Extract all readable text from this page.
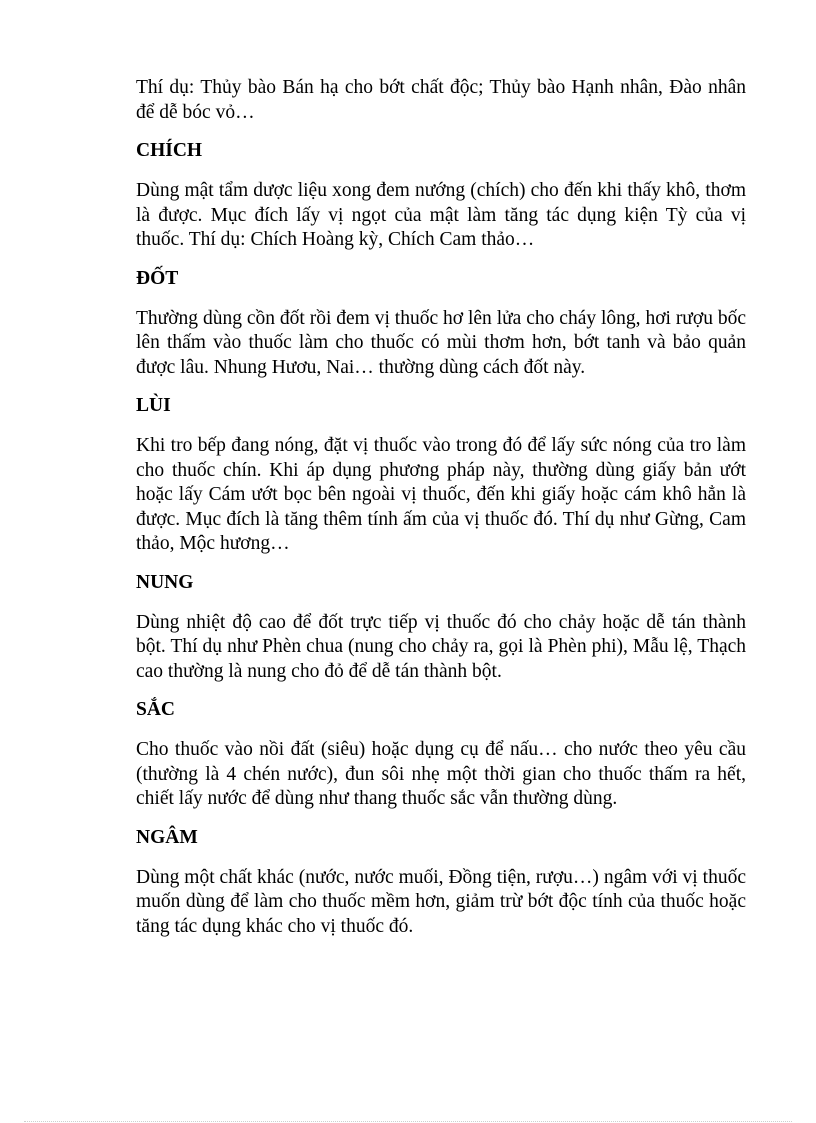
Thí dụ: Thủy bào Bán hạ cho bớt chất độc; Thủy bào Hạnh nhân, Đào nhân để dễ bóc vỏ…

CHÍCH

Dùng mật tẩm dược liệu xong đem nướng (chích) cho đến khi thấy khô, thơm là được. Mục đích lấy vị ngọt của mật làm tăng tác dụng kiện Tỳ của vị thuốc. Thí dụ: Chích Hoàng kỳ, Chích Cam thảo…

ĐỐT

Thường dùng cồn đốt rồi đem vị thuốc hơ lên lửa cho cháy lông, hơi rượu bốc lên thấm vào thuốc làm cho thuốc có mùi thơm hơn, bớt tanh và bảo quản được lâu. Nhung Hươu, Nai… thường dùng cách đốt này.

LÙI

Khi tro bếp đang nóng, đặt vị thuốc vào trong đó để lấy sức nóng của tro làm cho thuốc chín. Khi áp dụng phương pháp này, thường dùng giấy bản ướt hoặc lấy Cám ướt bọc bên ngoài vị thuốc, đến khi giấy hoặc cám khô hẳn là được. Mục đích là tăng thêm tính ấm của vị thuốc đó. Thí dụ như Gừng, Cam thảo, Mộc hương…

NUNG

Dùng nhiệt độ cao để đốt trực tiếp vị thuốc đó cho chảy hoặc dễ tán thành bột. Thí dụ như Phèn chua (nung cho chảy ra, gọi là Phèn phi), Mẫu lệ, Thạch cao thường là nung cho đỏ để dễ tán thành bột.

SẮC

Cho thuốc vào nồi đất (siêu) hoặc dụng cụ để nấu… cho nước theo yêu cầu (thường là 4 chén nước), đun sôi nhẹ một thời gian cho thuốc thấm ra hết, chiết lấy nước để dùng như thang thuốc sắc vẫn thường dùng.

NGÂM

Dùng một chất khác (nước, nước muối, Đồng tiện, rượu…) ngâm với vị thuốc muốn dùng để làm cho thuốc mềm hơn, giảm trừ bớt độc tính của thuốc hoặc tăng tác dụng khác cho vị thuốc đó.
